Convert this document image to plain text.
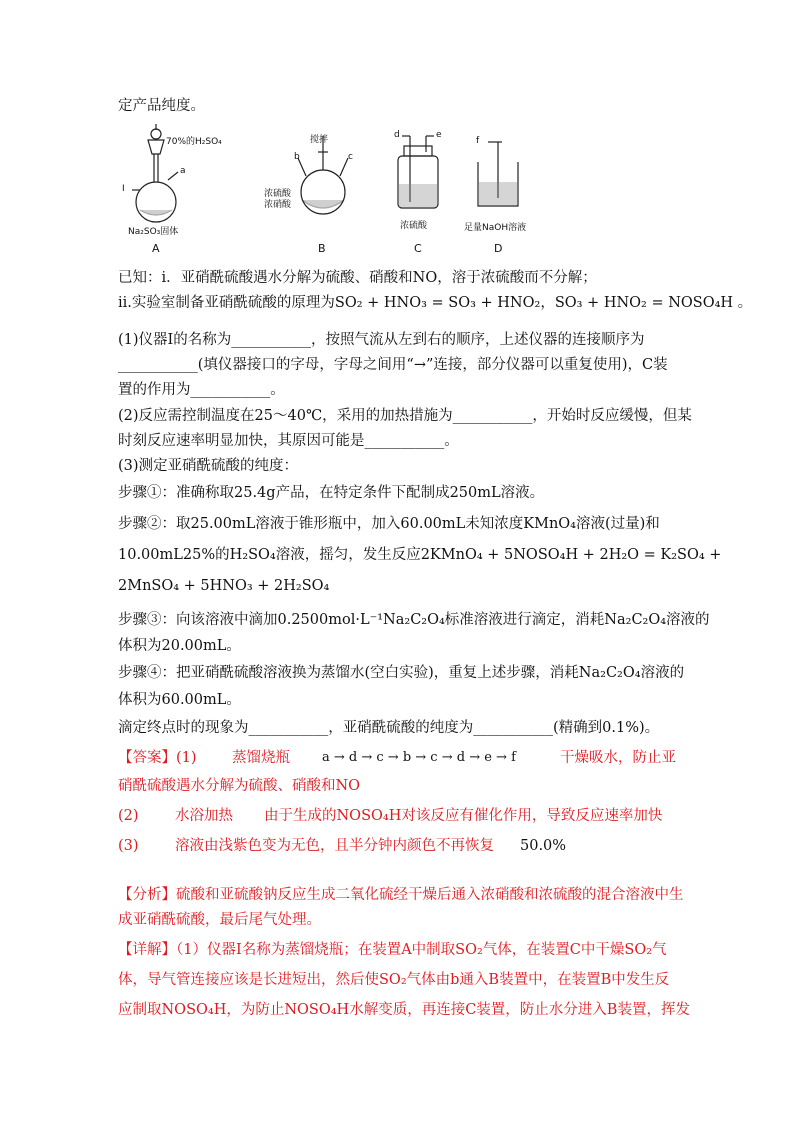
定产品纯度。
70%的H₂SO₄
Ⅰ
a
Na₂SO₃固体
搅拌
b	c
浓硫酸
浓硝酸
d	e
浓硫酸
f
足量NaOH溶液
A	B	C	D
已知：i．亚硝酰硫酸遇水分解为硫酸、硝酸和NO，溶于浓硫酸而不分解；
ii.实验室制备亚硝酰硫酸的原理为SO₂ + HNO₃ = SO₃ + HNO₂，SO₃ + HNO₂ = NOSO₄H 。
(1)仪器Ⅰ的名称为___________，按照气流从左到右的顺序，上述仪器的连接顺序为
___________(填仪器接口的字母，字母之间用“→”连接，部分仪器可以重复使用)，C装
置的作用为___________。
(2)反应需控制温度在25～40℃，采用的加热措施为___________，开始时反应缓慢，但某
时刻反应速率明显加快，其原因可能是___________。
(3)测定亚硝酰硫酸的纯度：
步骤①：准确称取25.4g产品，在特定条件下配制成250mL溶液。
步骤②：取25.00mL溶液于锥形瓶中，加入60.00mL未知浓度KMnO₄溶液(过量)和
10.00mL25%的H₂SO₄溶液，摇匀，发生反应2KMnO₄ + 5NOSO₄H + 2H₂O = K₂SO₄ +
2MnSO₄ + 5HNO₃ + 2H₂SO₄
步骤③：向该溶液中滴加0.2500mol·L⁻¹Na₂C₂O₄标准溶液进行滴定，消耗Na₂C₂O₄溶液的
体积为20.00mL。
步骤④：把亚硝酰硫酸溶液换为蒸馏水(空白实验)，重复上述步骤，消耗Na₂C₂O₄溶液的
体积为60.00mL。
滴定终点时的现象为___________，亚硝酰硫酸的纯度为___________(精确到0.1%)。
【答案】(1) 蒸馏烧瓶 a → d → c → b → c → d → e → f	干燥吸水，防止亚
硝酰硫酸遇水分解为硫酸、硝酸和NO
(2)	水浴加热 由于生成的NOSO₄H对该反应有催化作用，导致反应速率加快
(3)	溶液由浅紫色变为无色，且半分钟内颜色不再恢复 50.0%
【分析】硫酸和亚硫酸钠反应生成二氧化硫经干燥后通入浓硝酸和浓硫酸的混合溶液中生
成亚硝酰硫酸，最后尾气处理。
【详解】（1）仪器Ⅰ名称为蒸馏烧瓶；在装置A中制取SO₂气体，在装置C中干燥SO₂气
体，导气管连接应该是长进短出，然后使SO₂气体由b通入B装置中，在装置B中发生反
应制取NOSO₄H，为防止NOSO₄H水解变质，再连接C装置，防止水分进入B装置，挥发
